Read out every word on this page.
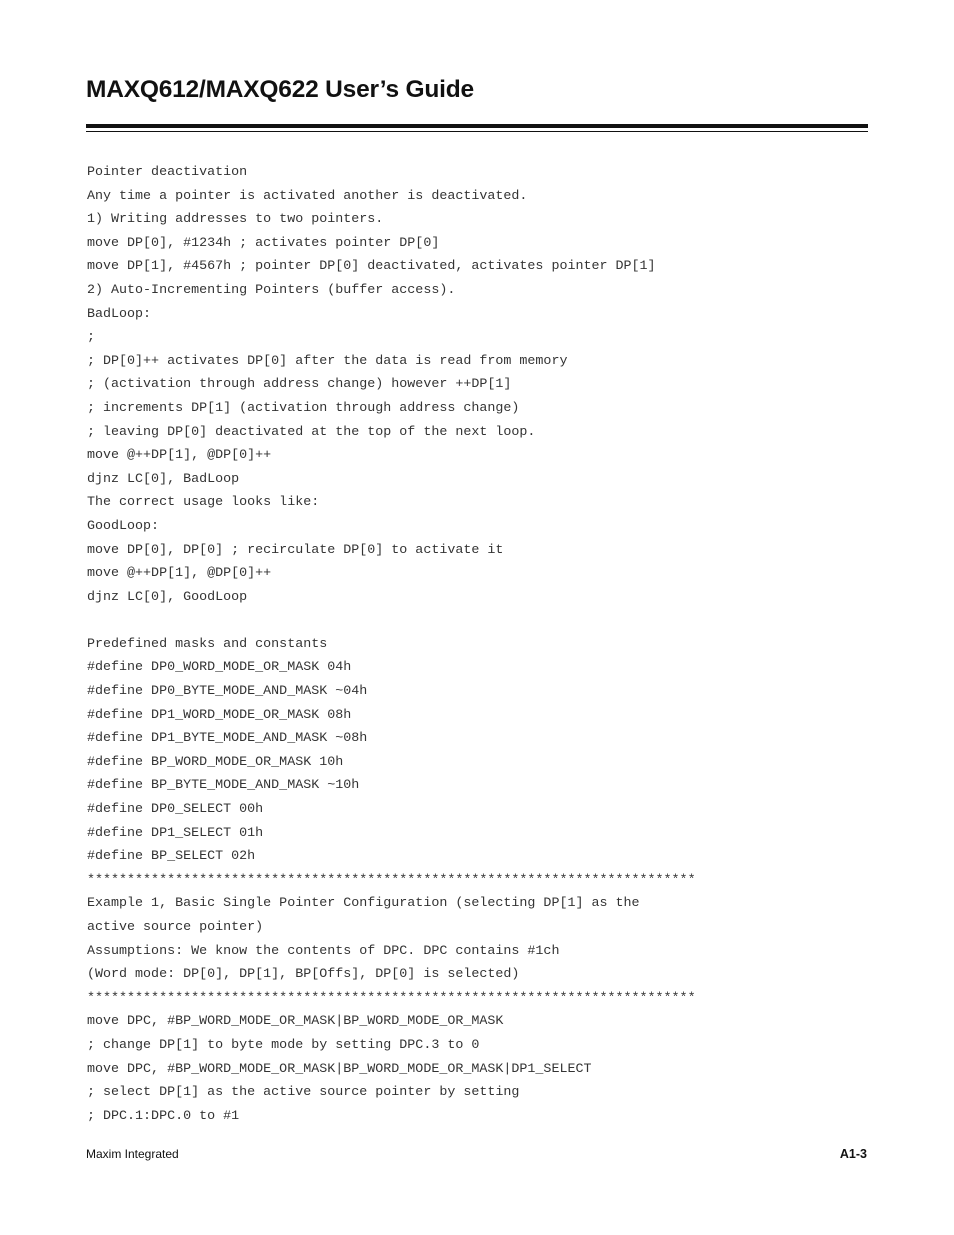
MAXQ612/MAXQ622 User’s Guide
Pointer deactivation
Any time a pointer is activated another is deactivated.
1) Writing addresses to two pointers.
move DP[0], #1234h ; activates pointer DP[0]
move DP[1], #4567h ; pointer DP[0] deactivated, activates pointer DP[1]
2) Auto-Incrementing Pointers (buffer access).
BadLoop:
;
; DP[0]++ activates DP[0] after the data is read from memory
; (activation through address change) however ++DP[1]
; increments DP[1] (activation through address change)
; leaving DP[0] deactivated at the top of the next loop.
move @++DP[1], @DP[0]++
djnz LC[0], BadLoop
The correct usage looks like:
GoodLoop:
move DP[0], DP[0] ; recirculate DP[0] to activate it
move @++DP[1], @DP[0]++
djnz LC[0], GoodLoop
Predefined masks and constants
#define DP0_WORD_MODE_OR_MASK 04h
#define DP0_BYTE_MODE_AND_MASK ~04h
#define DP1_WORD_MODE_OR_MASK 08h
#define DP1_BYTE_MODE_AND_MASK ~08h
#define BP_WORD_MODE_OR_MASK 10h
#define BP_BYTE_MODE_AND_MASK ~10h
#define DP0_SELECT 00h
#define DP1_SELECT 01h
#define BP_SELECT 02h
****************************************************************************
Example 1, Basic Single Pointer Configuration (selecting DP[1] as the
active source pointer)
Assumptions: We know the contents of DPC. DPC contains #1ch
(Word mode: DP[0], DP[1], BP[Offs], DP[0] is selected)
****************************************************************************
move DPC, #BP_WORD_MODE_OR_MASK|BP_WORD_MODE_OR_MASK
; change DP[1] to byte mode by setting DPC.3 to 0
move DPC, #BP_WORD_MODE_OR_MASK|BP_WORD_MODE_OR_MASK|DP1_SELECT
; select DP[1] as the active source pointer by setting
; DPC.1:DPC.0 to #1
Maxim Integrated	A1-3
